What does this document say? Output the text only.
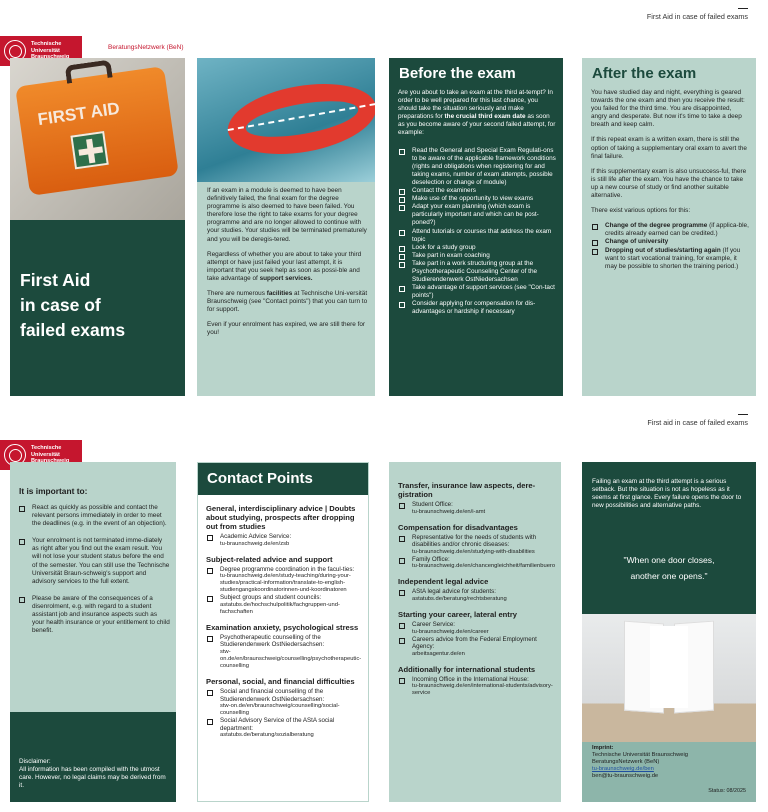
First Aid in case of failed exams
Technische
Universität	BeratungsNetzwerk (BeN)
FIRST AID
First Aid
in case of
failed exams

If an exam in a module is deemed to have been definitively failed, the final exam for the degree programme is also deemed to have been failed. You therefore lose the right to take exams for your degree programme and are no longer allowed to continue with your studies. Your studies will be terminated prematurely and you will be deregis-tered.

Regardless of whether you are about to take your third attempt or have just failed your last attempt, it is important that you seek help as soon as possi-ble and take advantage of support services.

There are numerous facilities at Technische Uni-versität Braunschweig (see "Contact points") that you can turn to for support.

Even if your enrolment has expired, we are still there for you!

Before the exam

Are you about to take an exam at the third at-tempt? In order to be well prepared for this last chance, you should take the situation seriously and make preparations for the crucial third exam date as soon as you become aware of your second failed attempt, for example:

Read the General and Special Exam Regulati-ons to be aware of the applicable framework conditions (rights and obligations when registering for and taking exams, number of exam attempts, possible deselection or change of module)
Contact the examiners
Make use of the opportunity to view exams
Adapt your exam planning (which exam is particularly important and which can be post-poned?)
Attend tutorials or courses that address the exam topic
Look for a study group
Take part in exam coaching
Take part in a work structuring group at the Psychotherapeutic Counseling Center of the Studierendenwerk OstNiedersachsen
Take advantage of support services (see "Con-tact points")
Consider applying for compensation for dis-advantages or hardship if necessary
After the exam

You have studied day and night, everything is geared towards the one exam and then you receive the result: you failed for the third time. You are disappointed, angry and desperate. But now it's time to take a deep breath and keep calm.

If this repeat exam is a written exam, there is still the option of taking a supplementary oral exam to avert the final failure.

If this supplementary exam is also unsuccess-ful, there is still life after the exam. You have the chance to take up a new course of study or find another suitable alternative.

There exist various options for this:

Change of the degree programme (if applica-ble, credits already earned can be credited.)
Change of university
Dropping out of studies/starting again (If you want to start vocational training, for example, it may be possible to shorten the training period.)
First aid in case of failed exams
Technische
Universität
It is important to:
React as quickly as possible and contact the relevant persons immediately in order to meet the deadlines (e.g. in the event of an objection).
Your enrolment is not terminated imme-diately as right after you find out the exam result. You will not lose your student status before the end of the semester. You can still use the Technische Universität Braun-schweig's support and advisory services to the full extent.
Please be aware of the consequences of a disenrolment, e.g. with regard to a student assistant job and insurance aspects such as your health insurance or your entitlement to child benefit.
Disclaimer:
All information has been compiled with the utmost care. However, no legal claims may be derived from it.
Contact Points
General, interdisciplinary advice | Doubts about studying, prospects after dropping out from studies
Academic Advice Service:
tu-braunschweig.de/en/zsb
Subject-related advice and support
Degree programme coordination in the facul-ties:
tu-braunschweig.de/en/study-teaching/during-your-studies/practical-information/translate-to-english-studiengangskoordinatorinnen-und-koordinatoren
Subject groups and student councils:
astatubs.de/hochschulpolitik/fachgruppen-und-fachschaften
Examination anxiety, psychological stress
Psychotherapeutic counselling of the Studierendenwerk OstNiedersachsen:
stw-on.de/en/braunschweig/counselling/psychotherapeutic-counselling
Personal, social, and financial difficulties
Social and financial counselling of the Studierendenwerk OstNiedersachsen:
stw-on.de/en/braunschweig/counselling/social-counselling
Social Advisory Service of the AStA social department:
astatubs.de/beratung/sozialberatung
Transfer, insurance law aspects, dere-gistration
Student Office:
tu-braunschweig.de/en/i-amt
Compensation for disadvantages
Representative for the needs of students with disabilities and/or chronic diseases:
tu-braunschweig.de/en/studying-with-disabilities
Family Office:
tu-braunschweig.de/en/chancengleichheit/familienbuero
Independent legal advice
AStA legal advice for students:
astatubs.de/beratung/rechtsberatung
Starting your career, lateral entry
Career Service:
tu-braunschweig.de/en/career
Careers advice from the Federal Employment Agency:
arbeitsagentur.de/en
Additionally for international students
Incoming Office in the International House:
tu-braunschweig.de/en/international-students/advisory-service
Failing an exam at the third attempt is a serious setback. But the situation is not as hopeless as it seems at first glance. Every failure opens the door to new possibilities and alternative paths.
"When one door closes,
another one opens."
Imprint:
Technische Universität Braunschweig
BeratungsNetzwerk (BeN)
tu-braunschweig.de/ben
ben@tu-braunschweig.de
Status: 08/2025
